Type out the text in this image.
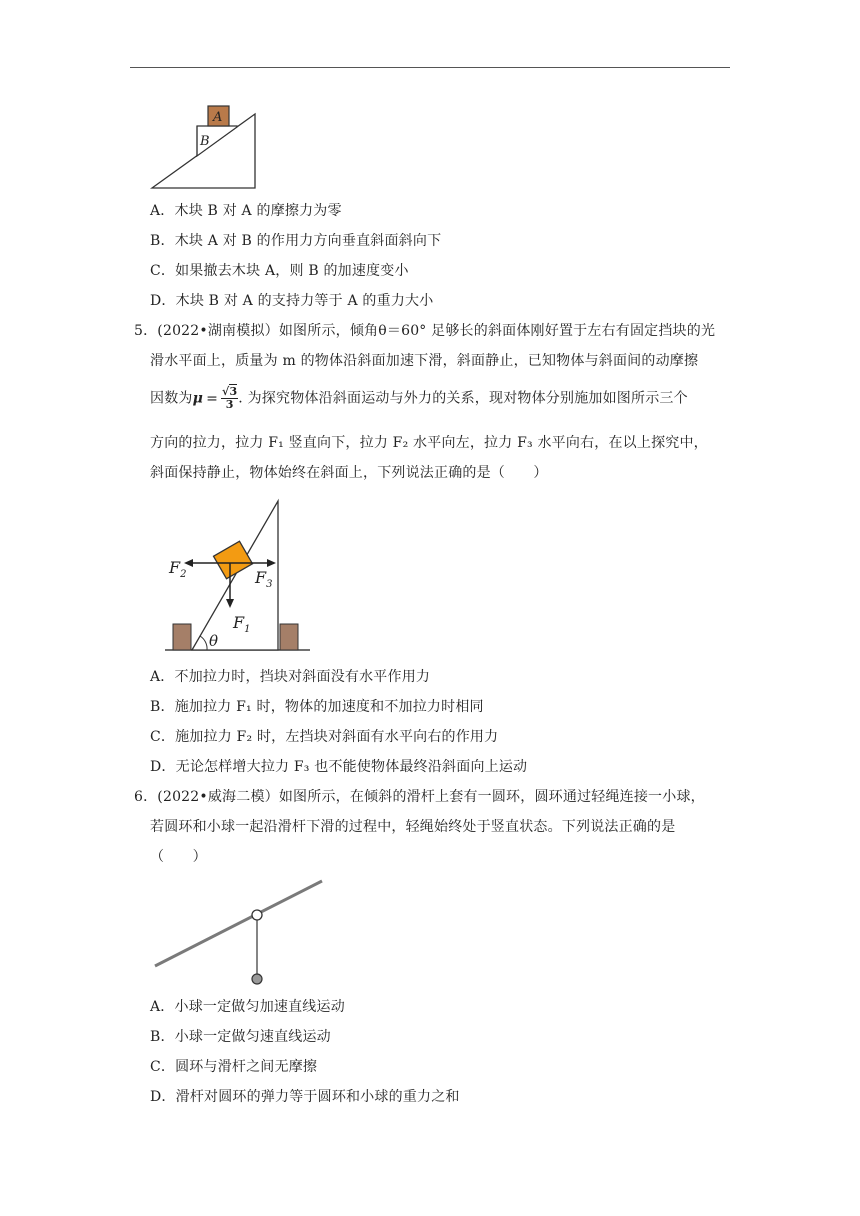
A
B
A．木块 B 对 A 的摩擦力为零
B．木块 A 对 B 的作用力方向垂直斜面斜向下
C．如果撤去木块 A，则 B 的加速度变小
D．木块 B 对 A 的支持力等于 A 的重力大小
5．(2022•湖南模拟）如图所示，倾角θ＝60° 足够长的斜面体刚好置于左右有固定挡块的光
滑水平面上，质量为 m 的物体沿斜面加速下滑，斜面静止，已知物体与斜面间的动摩擦
因数为$\mu = \frac{√3}{3}$ . 为探究物体沿斜面运动与外力的关系，现对物体分别施加如图所示三个
方向的拉力，拉力 F₁ 竖直向下，拉力 F₂ 水平向左，拉力 F₃ 水平向右，在以上探究中，
斜面保持静止，物体始终在斜面上，下列说法正确的是（　　）
θ
$F_2$	$F_3$
$F_1$
A．不加拉力时，挡块对斜面没有水平作用力
B．施加拉力 F₁ 时，物体的加速度和不加拉力时相同
C．施加拉力 F₂ 时，左挡块对斜面有水平向右的作用力
D．无论怎样增大拉力 F₃ 也不能使物体最终沿斜面向上运动
6．(2022•威海二模）如图所示，在倾斜的滑杆上套有一圆环，圆环通过轻绳连接一小球，
若圆环和小球一起沿滑杆下滑的过程中，轻绳始终处于竖直状态。下列说法正确的是
（　　）
A．小球一定做匀加速直线运动
B．小球一定做匀速直线运动
C．圆环与滑杆之间无摩擦
D．滑杆对圆环的弹力等于圆环和小球的重力之和
